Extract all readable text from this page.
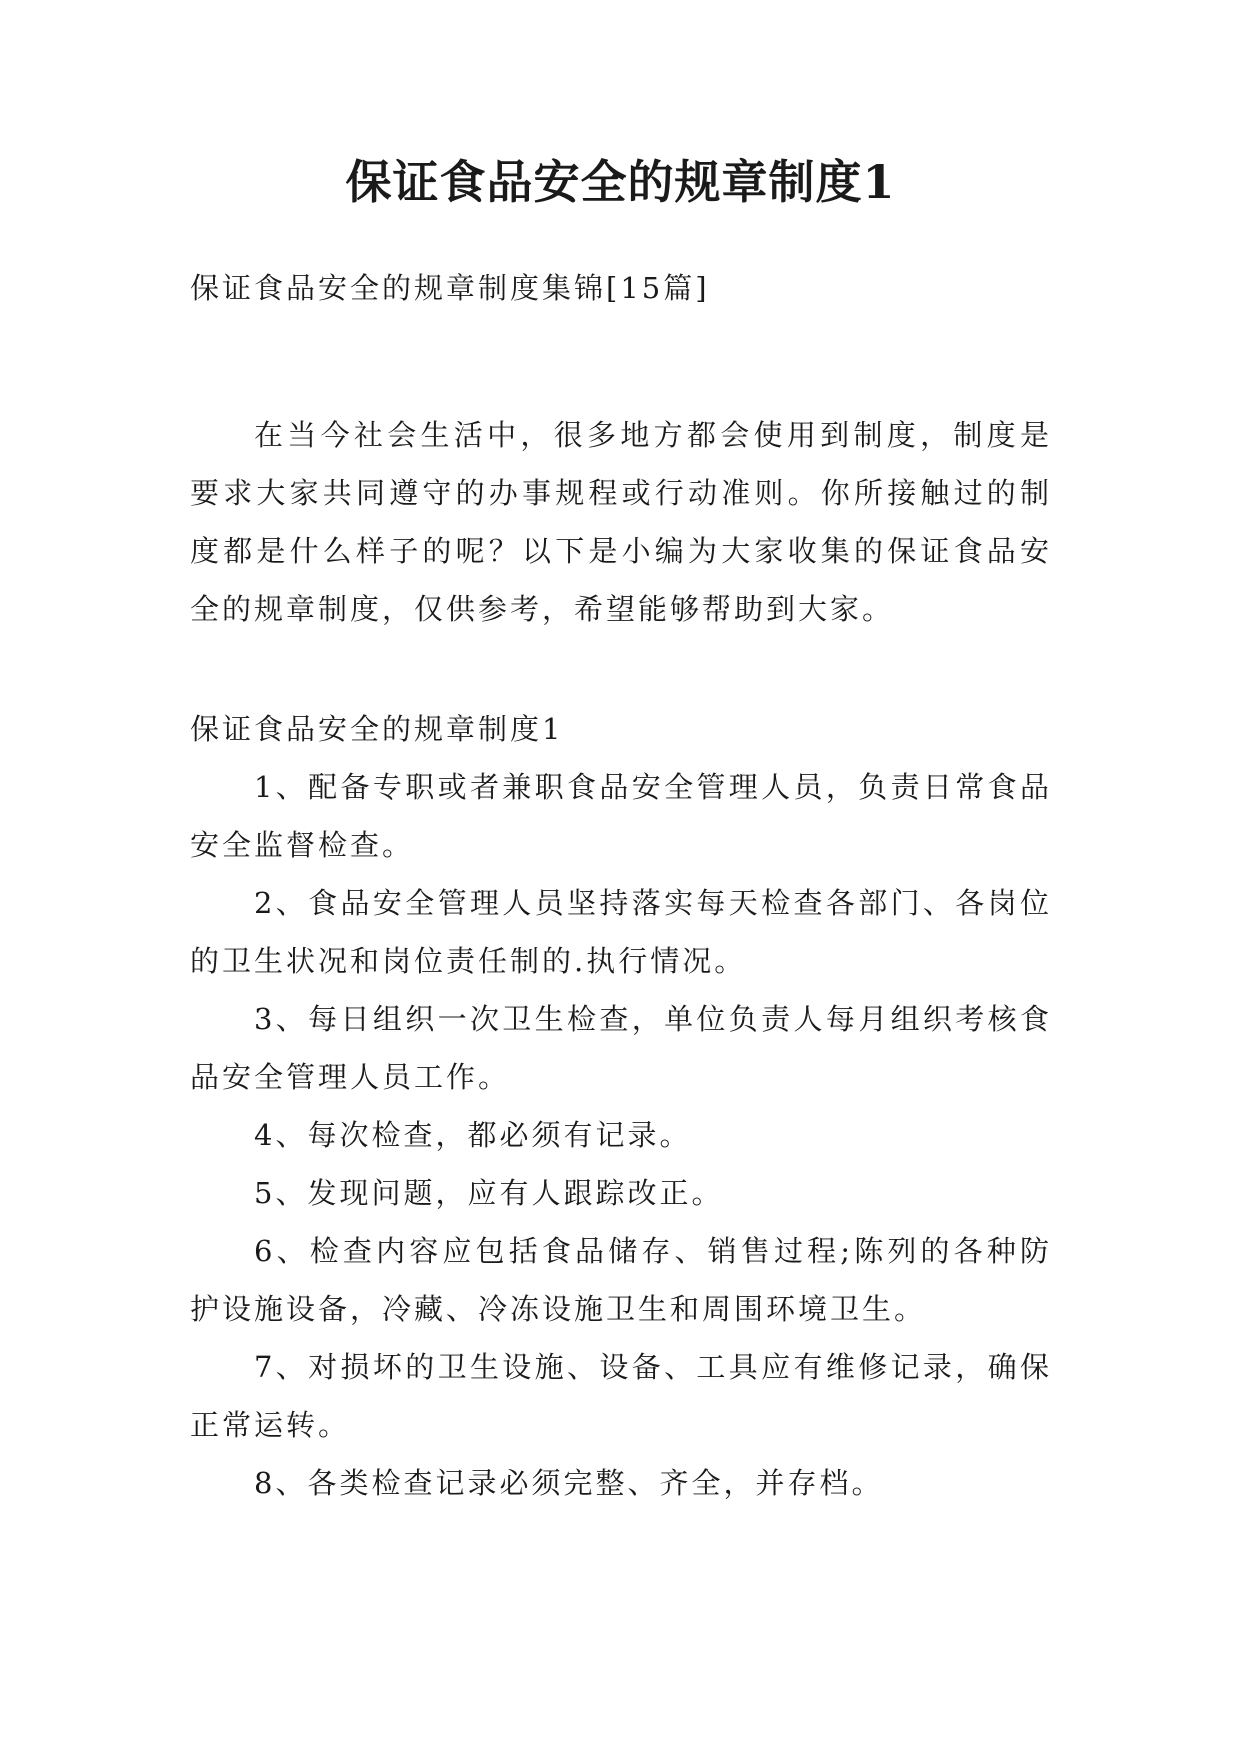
保证食品安全的规章制度1

保证食品安全的规章制度集锦[15篇]

在当今社会生活中，很多地方都会使用到制度，制度是要求大家共同遵守的办事规程或行动准则。你所接触过的制度都是什么样子的呢？以下是小编为大家收集的保证食品安全的规章制度，仅供参考，希望能够帮助到大家。

保证食品安全的规章制度1

1、配备专职或者兼职食品安全管理人员，负责日常食品安全监督检查。

2、食品安全管理人员坚持落实每天检查各部门、各岗位的卫生状况和岗位责任制的.执行情况。

3、每日组织一次卫生检查，单位负责人每月组织考核食品安全管理人员工作。

4、每次检查，都必须有记录。

5、发现问题，应有人跟踪改正。

6、检查内容应包括食品储存、销售过程;陈列的各种防护设施设备，冷藏、冷冻设施卫生和周围环境卫生。

7、对损坏的卫生设施、设备、工具应有维修记录，确保正常运转。

8、各类检查记录必须完整、齐全，并存档。
